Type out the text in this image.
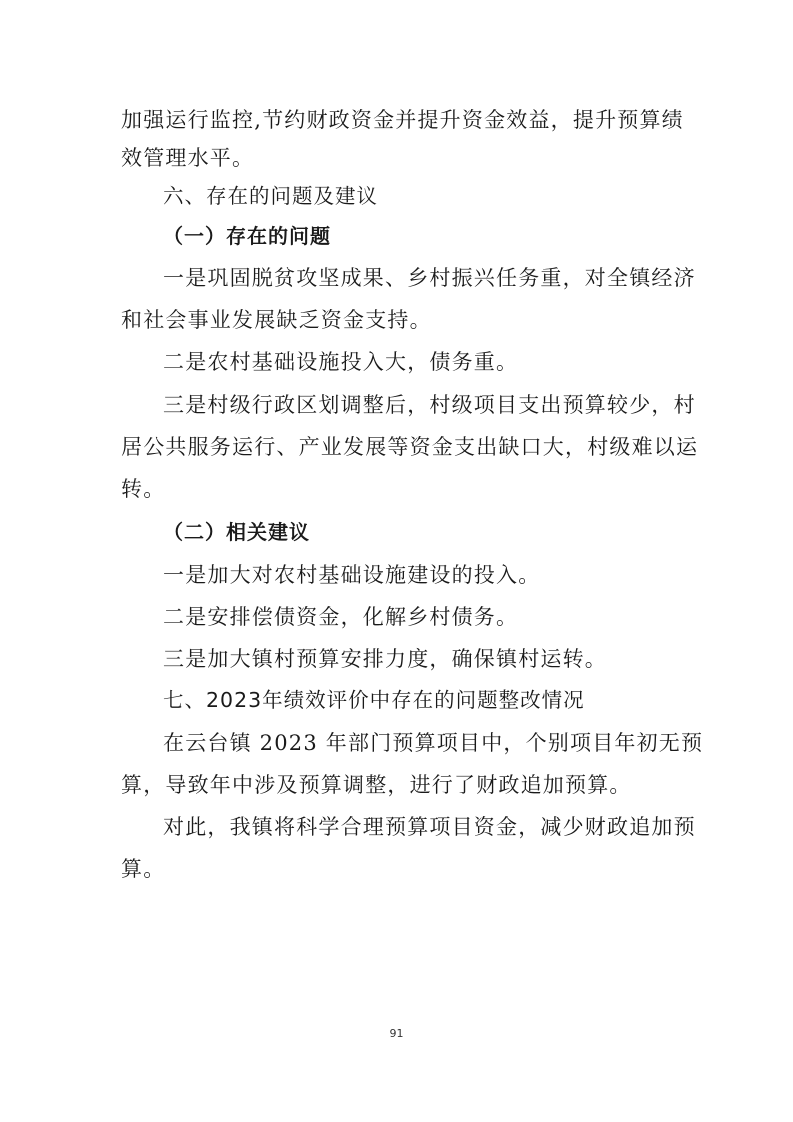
加强运行监控,节约财政资金并提升资金效益，提升预算绩
效管理水平。
六、存在的问题及建议
（一）存在的问题
一是巩固脱贫攻坚成果、乡村振兴任务重，对全镇经济
和社会事业发展缺乏资金支持。
二是农村基础设施投入大，债务重。
三是村级行政区划调整后，村级项目支出预算较少，村
居公共服务运行、产业发展等资金支出缺口大，村级难以运
转。
（二）相关建议
一是加大对农村基础设施建设的投入。
二是安排偿债资金，化解乡村债务。
三是加大镇村预算安排力度，确保镇村运转。
七、2023年绩效评价中存在的问题整改情况
在云台镇 2023 年部门预算项目中，个别项目年初无预
算，导致年中涉及预算调整，进行了财政追加预算。
对此，我镇将科学合理预算项目资金，减少财政追加预
算。
91
